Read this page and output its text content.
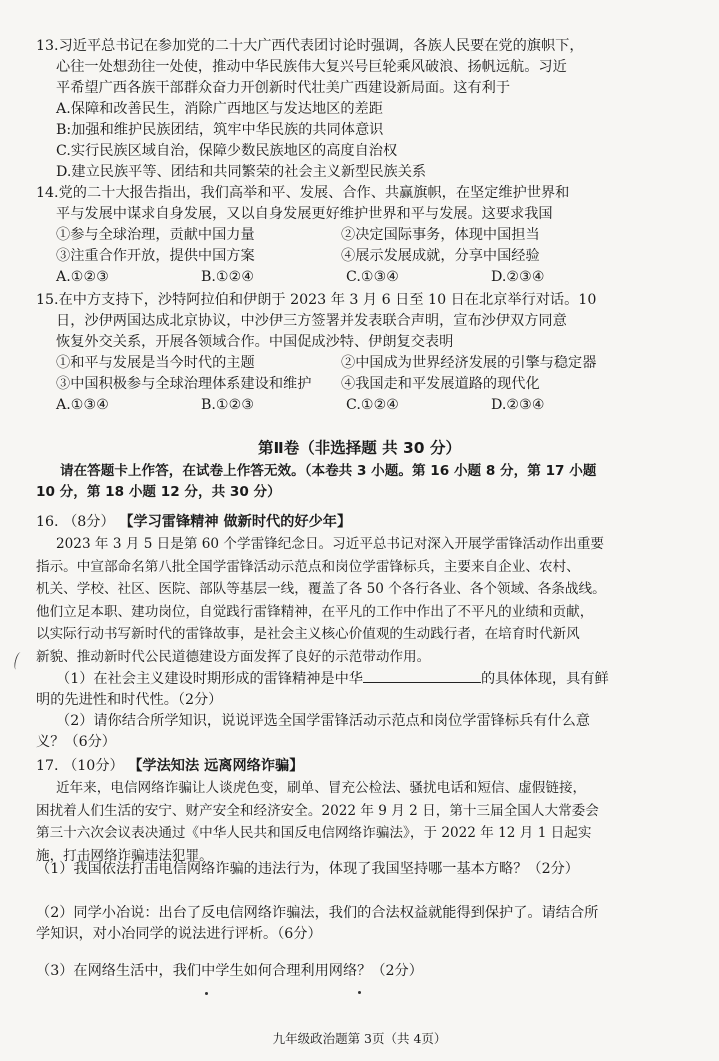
13.习近平总书记在参加党的二十大广西代表团讨论时强调，各族人民要在党的旗帜下，
心往一处想劲往一处使，推动中华民族伟大复兴号巨轮乘风破浪、扬帆远航。习近
平希望广西各族干部群众奋力开创新时代壮美广西建设新局面。这有利于
A.保障和改善民生，消除广西地区与发达地区的差距
B:加强和维护民族团结，筑牢中华民族的共同体意识
C.实行民族区域自治，保障少数民族地区的高度自治权
D.建立民族平等、团结和共同繁荣的社会主义新型民族关系
14.党的二十大报告指出，我们高举和平、发展、合作、共赢旗帜，在坚定维护世界和
平与发展中谋求自身发展，又以自身发展更好维护世界和平与发展。这要求我国
①参与全球治理，贡献中国力量	②决定国际事务，体现中国担当
③注重合作开放，提供中国方案	④展示发展成就，分享中国经验
A.①②③	B.①②④	C.①③④	D.②③④
15.在中方支持下，沙特阿拉伯和伊朗于 2023 年 3 月 6 日至 10 日在北京举行对话。10
日，沙伊两国达成北京协议，中沙伊三方签署并发表联合声明，宣布沙伊双方同意
恢复外交关系，开展各领域合作。中国促成沙特、伊朗复交表明
①和平与发展是当今时代的主题	②中国成为世界经济发展的引擎与稳定器
③中国积极参与全球治理体系建设和维护	④我国走和平发展道路的现代化
A.①③④	B.①②③	C.①②④	D.②③④
第Ⅱ卷（非选择题 共 30 分）
请在答题卡上作答，在试卷上作答无效。（本卷共 3 小题。第 16 小题 8 分，第 17 小题
10 分，第 18 小题 12 分，共 30 分）
16. （8分） 【学习雷锋精神 做新时代的好少年】
2023 年 3 月 5 日是第 60 个学雷锋纪念日。习近平总书记对深入开展学雷锋活动作出重要
指示。中宣部命名第八批全国学雷锋活动示范点和岗位学雷锋标兵，主要来自企业、农村、
机关、学校、社区、医院、部队等基层一线，覆盖了各 50 个各行各业、各个领域、各条战线。
他们立足本职、建功岗位，自觉践行雷锋精神，在平凡的工作中作出了不平凡的业绩和贡献，
以实际行动书写新时代的雷锋故事，是社会主义核心价值观的生动践行者，在培育时代新风
新貌、推动新时代公民道德建设方面发挥了良好的示范带动作用。
（1）在社会主义建设时期形成的雷锋精神是中华	的具体体现，具有鲜
明的先进性和时代性。（2分）
（2）请你结合所学知识，说说评选全国学雷锋活动示范点和岗位学雷锋标兵有什么意
义？（6分）
17. （10分） 【学法知法 远离网络诈骗】
近年来，电信网络诈骗让人谈虎色变，刷单、冒充公检法、骚扰电话和短信、虚假链接，
困扰着人们生活的安宁、财产安全和经济安全。2022 年 9 月 2 日，第十三届全国人大常委会
第三十六次会议表决通过《中华人民共和国反电信网络诈骗法》，于 2022 年 12 月 1 日起实
施，打击网络诈骗违法犯罪。
（1）我国依法打击电信网络诈骗的违法行为，体现了我国坚持哪一基本方略？（2分）
（2）同学小冶说：出台了反电信网络诈骗法，我们的合法权益就能得到保护了。请结合所
学知识，对小冶同学的说法进行评析。（6分）
（3）在网络生活中，我们中学生如何合理利用网络？（2分）
九年级政治题第 3页（共 4页）
